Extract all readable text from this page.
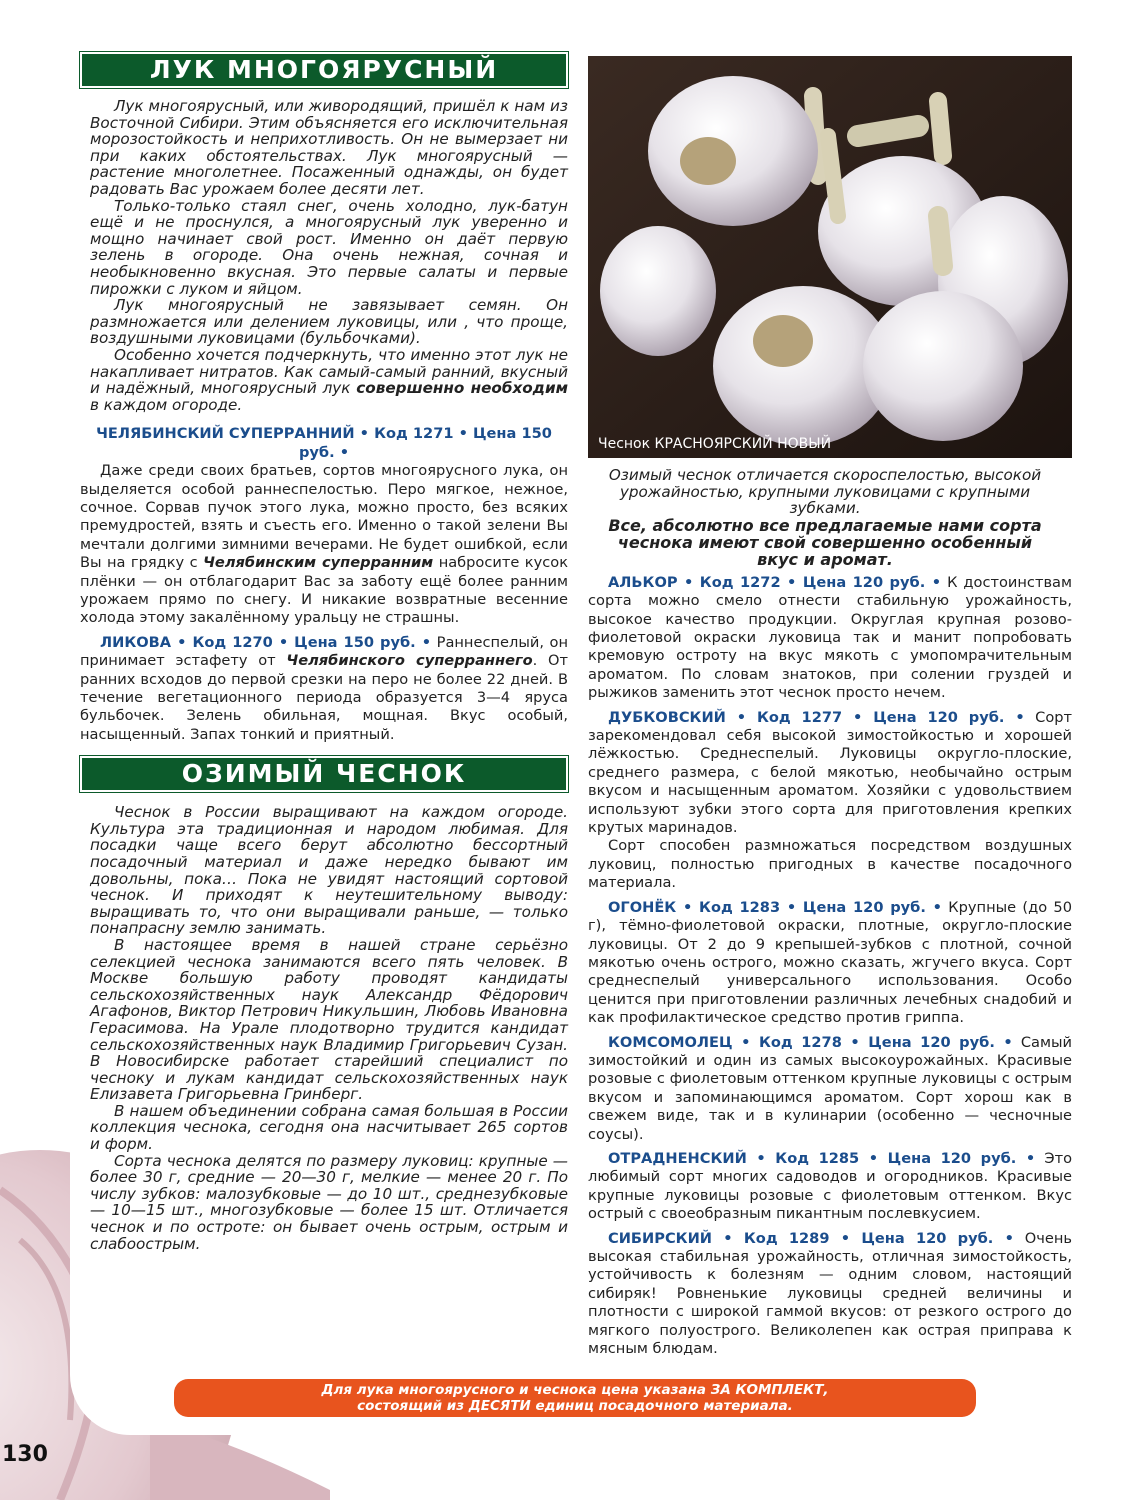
ЛУК МНОГОЯРУСНЫЙ

Лук многоярусный, или живородящий, пришёл к нам из Восточной Сибири. Этим объясняется его исключительная морозостойкость и неприхотливость. Он не вымерзает ни при каких обстоятельствах. Лук многоярусный — растение многолетнее. Посаженный однажды, он будет радовать Вас урожаем более десяти лет.

Только-только стаял снег, очень холодно, лук-батун ещё и не проснулся, а многоярусный лук уверенно и мощно начинает свой рост. Именно он даёт первую зелень в огороде. Она очень нежная, сочная и необыкновенно вкусная. Это первые салаты и первые пирожки с луком и яйцом.

Лук многоярусный не завязывает семян. Он размножается или делением луковицы, или , что проще, воздушными луковицами (бульбочками).

Особенно хочется подчеркнуть, что именно этот лук не накапливает нитратов. Как самый-самый ранний, вкусный и надёжный, многоярусный лук совершенно необходим в каждом огороде.

ЧЕЛЯБИНСКИЙ СУПЕРРАННИЙ • Код 1271 • Цена 150 руб. •

Даже среди своих братьев, сортов многоярусного лука, он выделяется особой раннеспелостью. Перо мягкое, нежное, сочное. Сорвав пучок этого лука, можно просто, без всяких премудростей, взять и съесть его. Именно о такой зелени Вы мечтали долгими зимними вечерами. Не будет ошибкой, если Вы на грядку с Челябинским суперранним набросите кусок плёнки — он отблагодарит Вас за заботу ещё более ранним урожаем прямо по снегу. И никакие возвратные весенние холода этому закалённому уральцу не страшны.

ЛИКОВА • Код 1270 • Цена 150 руб. • Раннеспелый, он принимает эстафету от Челябинского суперраннего. От ранних всходов до первой срезки на перо не более 22 дней. В течение вегетационного периода образуется 3—4 яруса бульбочек. Зелень обильная, мощная. Вкус особый, насыщенный. Запах тонкий и приятный.

ОЗИМЫЙ ЧЕСНОК

Чеснок в России выращивают на каждом огороде. Культура эта традиционная и народом любимая. Для посадки чаще всего берут абсолютно бессортный посадочный материал и даже нередко бывают им довольны, пока… Пока не увидят настоящий сортовой чеснок. И приходят к неутешительному выводу: выращивать то, что они выращивали раньше, — только понапрасну землю занимать.

В настоящее время в нашей стране серьёзно селекцией чеснока занимаются всего пять человек. В Москве большую работу проводят кандидаты сельскохозяйственных наук Александр Фёдорович Агафонов, Виктор Петрович Никульшин, Любовь Ивановна Герасимова. На Урале плодотворно трудится кандидат сельскохозяйственных наук Владимир Григорьевич Сузан. В Новосибирске работает старейший специалист по чесноку и лукам кандидат сельскохозяйственных наук Елизавета Григорьевна Гринберг.

В нашем объединении собрана самая большая в России коллекция чеснока, сегодня она насчитывает 265 сортов и форм.

Сорта чеснока делятся по размеру луковиц: крупные — более 30 г, средние — 20—30 г, мелкие — менее 20 г. По числу зубков: малозубковые — до 10 шт., среднезубковые — 10—15 шт., многозубковые — более 15 шт. Отличается чеснок и по остроте: он бывает очень острым, острым и слабоострым.

Чеснок КРАСНОЯРСКИЙ НОВЫЙ

Озимый чеснок отличается скороспелостью, высокой урожайностью, крупными луковицами с крупными зубками.

Все, абсолютно все предлагаемые нами сорта чеснока имеют свой совершенно особенный вкус и аромат.

АЛЬКОР • Код 1272 • Цена 120 руб. • К достоинствам сорта можно смело отнести стабильную урожайность, высокое качество продукции. Округлая крупная розово-фиолетовой окраски луковица так и манит попробовать кремовую остроту на вкус мякоть с умопомрачительным ароматом. По словам знатоков, при солении груздей и рыжиков заменить этот чеснок просто нечем.

ДУБКОВСКИЙ • Код 1277 • Цена 120 руб. • Сорт зарекомендовал себя высокой зимостойкостью и хорошей лёжкостью. Среднеспелый. Луковицы округло-плоские, среднего размера, с белой мякотью, необычайно острым вкусом и насыщенным ароматом. Хозяйки с удовольствием используют зубки этого сорта для приготовления крепких крутых маринадов.

Сорт способен размножаться посредством воздушных луковиц, полностью пригодных в качестве посадочного материала.

ОГОНЁК • Код 1283 • Цена 120 руб. • Крупные (до 50 г), тёмно-фиолетовой окраски, плотные, округло-плоские луковицы. От 2 до 9 крепышей-зубков с плотной, сочной мякотью очень острого, можно сказать, жгучего вкуса. Сорт среднеспелый универсального использования. Особо ценится при приготовлении различных лечебных снадобий и как профилактическое средство против гриппа.

КОМСОМОЛЕЦ • Код 1278 • Цена 120 руб. • Самый зимостойкий и один из самых высокоурожайных. Красивые розовые с фиолетовым оттенком крупные луковицы с острым вкусом и запоминающимся ароматом. Сорт хорош как в свежем виде, так и в кулинарии (особенно — чесночные соусы).

ОТРАДНЕНСКИЙ • Код 1285 • Цена 120 руб. • Это любимый сорт многих садоводов и огородников. Красивые крупные луковицы розовые с фиолетовым оттенком. Вкус острый с своеобразным пикантным послевкусием.

СИБИРСКИЙ • Код 1289 • Цена 120 руб. • Очень высокая стабильная урожайность, отличная зимостойкость, устойчивость к болезням — одним словом, настоящий сибиряк! Ровненькие луковицы средней величины и плотности с широкой гаммой вкусов: от резкого острого до мягкого полуострого. Великолепен как острая приправа к мясным блюдам.

Для лука многоярусного и чеснока цена указана ЗА КОМПЛЕКТ,
состоящий из ДЕСЯТИ единиц посадочного материала.
130
